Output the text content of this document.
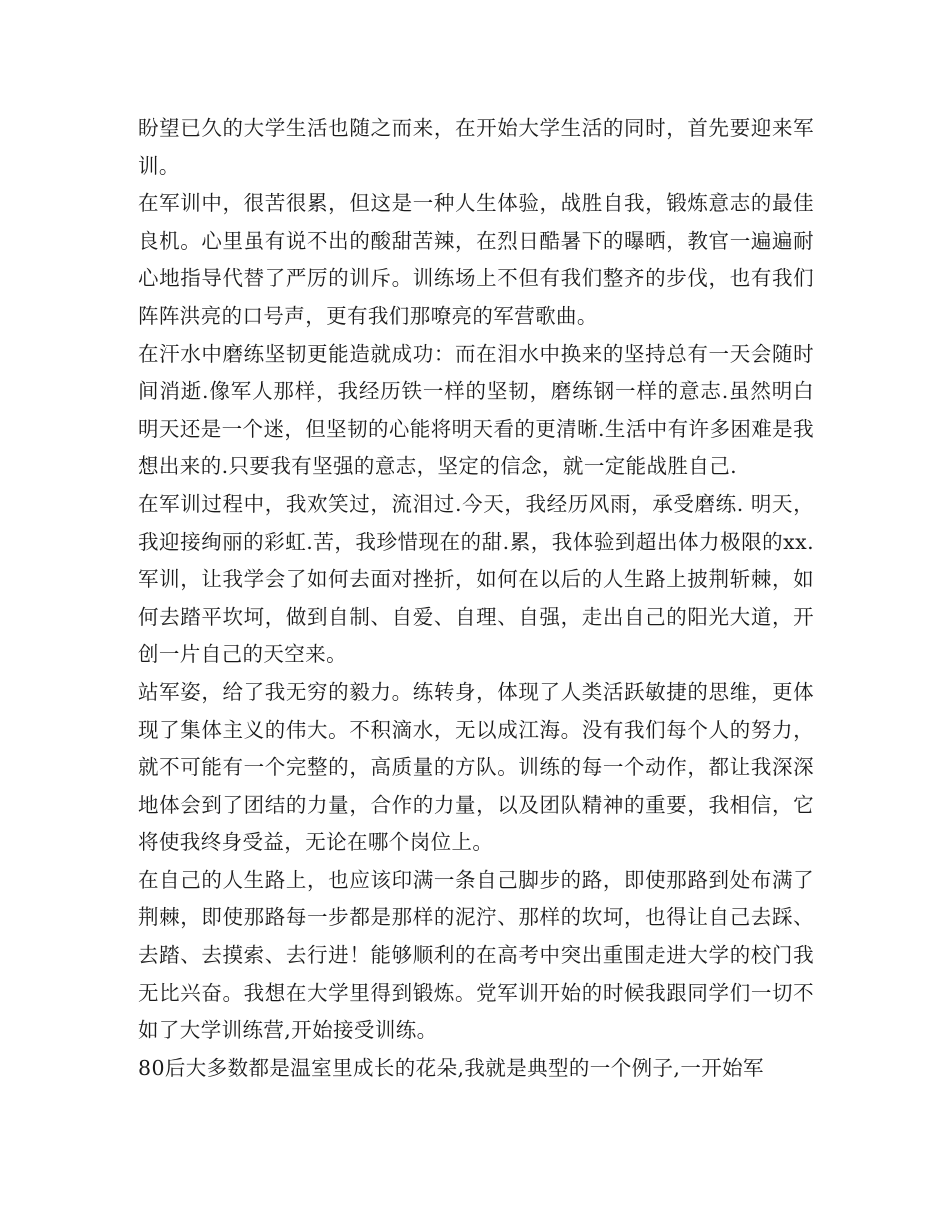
盼望已久的大学生活也随之而来，在开始大学生活的同时，首先要迎来军训。

在军训中，很苦很累，但这是一种人生体验，战胜自我，锻炼意志的最佳良机。心里虽有说不出的酸甜苦辣，在烈日酷暑下的曝晒，教官一遍遍耐心地指导代替了严厉的训斥。训练场上不但有我们整齐的步伐，也有我们阵阵洪亮的口号声，更有我们那嘹亮的军营歌曲。

在汗水中磨练坚韧更能造就成功：而在泪水中换来的坚持总有一天会随时间消逝.像军人那样，我经历铁一样的坚韧，磨练钢一样的意志.虽然明白明天还是一个迷，但坚韧的心能将明天看的更清晰.生活中有许多困难是我想出来的.只要我有坚强的意志，坚定的信念，就一定能战胜自己.

在军训过程中，我欢笑过，流泪过.今天，我经历风雨，承受磨练. 明天，我迎接绚丽的彩虹.苦，我珍惜现在的甜.累，我体验到超出体力极限的xx.军训，让我学会了如何去面对挫折，如何在以后的人生路上披荆斩棘，如何去踏平坎坷，做到自制、自爱、自理、自强，走出自己的阳光大道，开创一片自己的天空来。

站军姿，给了我无穷的毅力。练转身，体现了人类活跃敏捷的思维，更体现了集体主义的伟大。不积滴水，无以成江海。没有我们每个人的努力，就不可能有一个完整的，高质量的方队。训练的每一个动作，都让我深深地体会到了团结的力量，合作的力量，以及团队精神的重要，我相信，它将使我终身受益，无论在哪个岗位上。

在自己的人生路上，也应该印满一条自己脚步的路，即使那路到处布满了荆棘，即使那路每一步都是那样的泥泞、那样的坎坷，也得让自己去踩、去踏、去摸索、去行进！能够顺利的在高考中突出重围走进大学的校门我无比兴奋。我想在大学里得到锻炼。党军训开始的时候我跟同学们一切不如了大学训练营,开始接受训练。

80后大多数都是温室里成长的花朵,我就是典型的一个例子,一开始军
